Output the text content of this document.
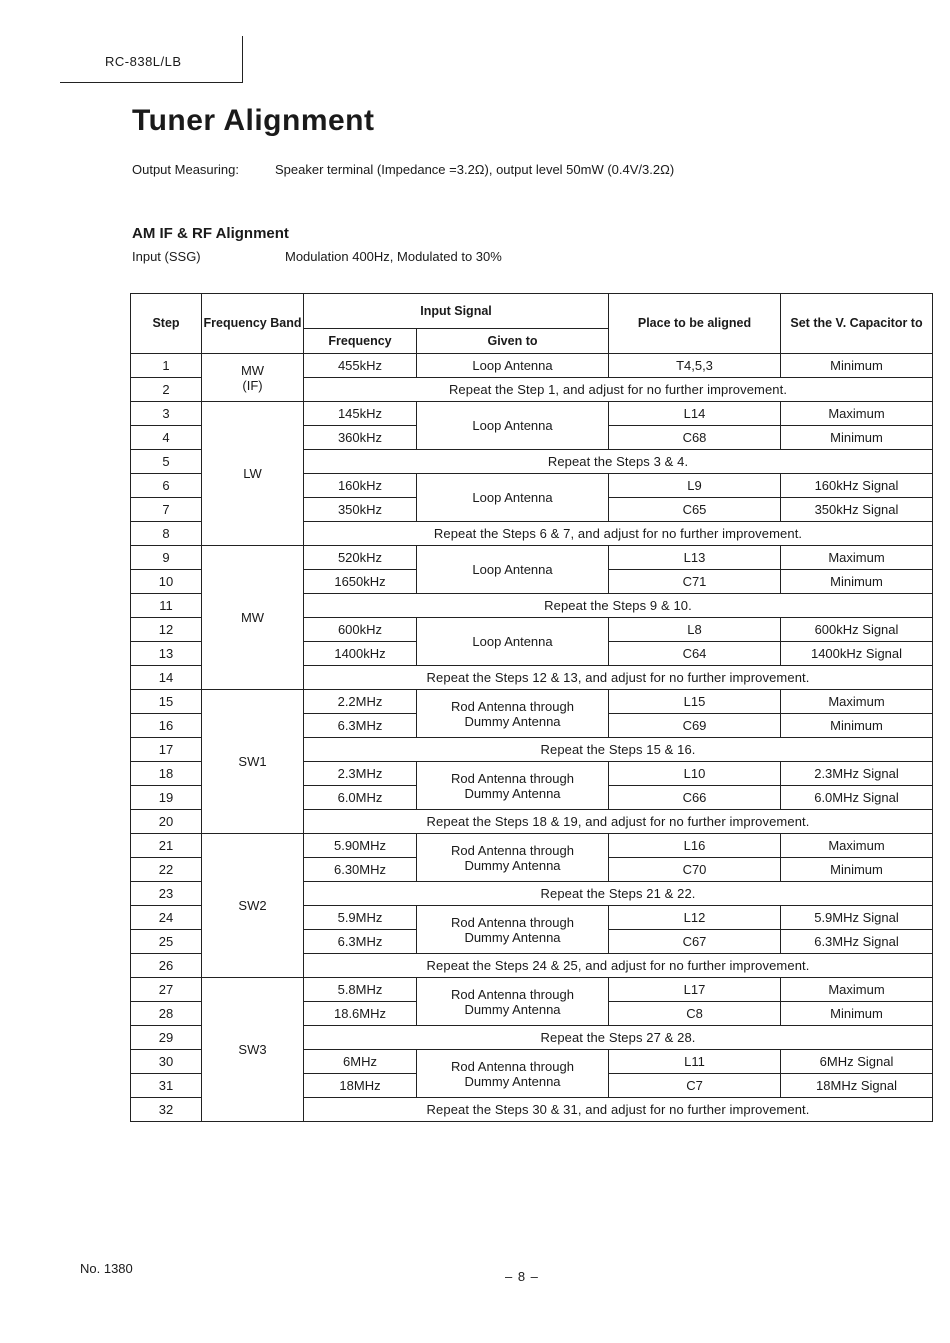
RC-838L/LB
Tuner Alignment
Output Measuring:	Speaker terminal (Impedance =3.2Ω), output level 50mW (0.4V/3.2Ω)
AM IF & RF Alignment
Input (SSG)	Modulation 400Hz, Modulated to 30%
Step	Frequency Band	Input Signal		Place to be aligned	Set the V. Capacitor to
		Frequency	Given to		
1	MW
(IF)	455kHz	Loop Antenna	T4,5,3	Minimum
2		Repeat the Step 1, and adjust for no further improvement.			
3	LW	145kHz	Loop Antenna	L14	Maximum
4		360kHz		C68	Minimum
5		Repeat the Steps 3 & 4.			
6		160kHz	Loop Antenna	L9	160kHz Signal
7		350kHz		C65	350kHz Signal
8		Repeat the Steps 6 & 7, and adjust for no further improvement.			
9	MW	520kHz	Loop Antenna	L13	Maximum
10		1650kHz		C71	Minimum
11		Repeat the Steps 9 & 10.			
12		600kHz	Loop Antenna	L8	600kHz Signal
13		1400kHz		C64	1400kHz Signal
14		Repeat the Steps 12 & 13, and adjust for no further improvement.			
15	SW1	2.2MHz	Rod Antenna through
Dummy Antenna	L15	Maximum
16		6.3MHz		C69	Minimum
17		Repeat the Steps 15 & 16.			
18		2.3MHz	Rod Antenna through
Dummy Antenna	L10	2.3MHz Signal
19		6.0MHz		C66	6.0MHz Signal
20		Repeat the Steps 18 & 19, and adjust for no further improvement.			
21	SW2	5.90MHz	Rod Antenna through
Dummy Antenna	L16	Maximum
22		6.30MHz		C70	Minimum
23		Repeat the Steps 21 & 22.			
24		5.9MHz	Rod Antenna through
Dummy Antenna	L12	5.9MHz Signal
25		6.3MHz		C67	6.3MHz Signal
26		Repeat the Steps 24 & 25, and adjust for no further improvement.			
27	SW3	5.8MHz	Rod Antenna through
Dummy Antenna	L17	Maximum
28		18.6MHz		C8	Minimum
29		Repeat the Steps 27 & 28.			
30		6MHz	Rod Antenna through
Dummy Antenna	L11	6MHz Signal
31		18MHz		C7	18MHz Signal
32		Repeat the Steps 30 & 31, and adjust for no further improvement.			
No. 1380
– 8 –
